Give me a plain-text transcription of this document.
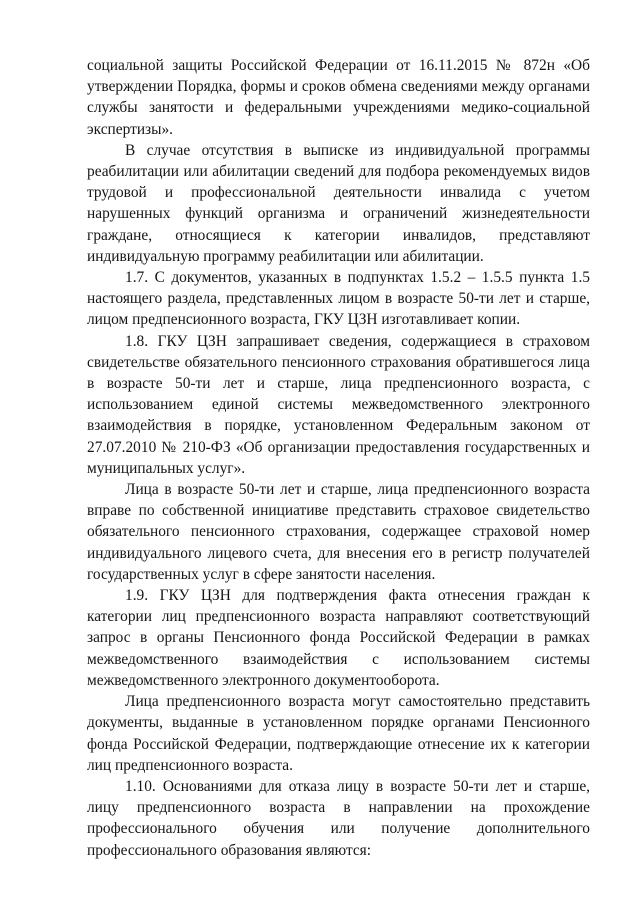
социальной защиты Российской Федерации от 16.11.2015 № 872н «Об утверждении Порядка, формы и сроков обмена сведениями между органами службы занятости и федеральными учреждениями медико-социальной экспертизы».

В случае отсутствия в выписке из индивидуальной программы реабилитации или абилитации сведений для подбора рекомендуемых видов трудовой и профессиональной деятельности инвалида с учетом нарушенных функций организма и ограничений жизнедеятельности граждане, относящиеся к категории инвалидов, представляют индивидуальную программу реабилитации или абилитации.

1.7. С документов, указанных в подпунктах 1.5.2 – 1.5.5 пункта 1.5 настоящего раздела, представленных лицом в возрасте 50-ти лет и старше, лицом предпенсионного возраста, ГКУ ЦЗН изготавливает копии.

1.8. ГКУ ЦЗН запрашивает сведения, содержащиеся в страховом свидетельстве обязательного пенсионного страхования обратившегося лица в возрасте 50-ти лет и старше, лица предпенсионного возраста, с использованием единой системы межведомственного электронного взаимодействия в порядке, установленном Федеральным законом от 27.07.2010 № 210-ФЗ «Об организации предоставления государственных и муниципальных услуг».

Лица в возрасте 50-ти лет и старше, лица предпенсионного возраста вправе по собственной инициативе представить страховое свидетельство обязательного пенсионного страхования, содержащее страховой номер индивидуального лицевого счета, для внесения его в регистр получателей государственных услуг в сфере занятости населения.

1.9. ГКУ ЦЗН для подтверждения факта отнесения граждан к категории лиц предпенсионного возраста направляют соответствующий запрос в органы Пенсионного фонда Российской Федерации в рамках межведомственного взаимодействия с использованием системы межведомственного электронного документооборота.

Лица предпенсионного возраста могут самостоятельно представить документы, выданные в установленном порядке органами Пенсионного фонда Российской Федерации, подтверждающие отнесение их к категории лиц предпенсионного возраста.

1.10. Основаниями для отказа лицу в возрасте 50-ти лет и старше, лицу предпенсионного возраста в направлении на прохождение профессионального обучения или получение дополнительного профессионального образования являются:
